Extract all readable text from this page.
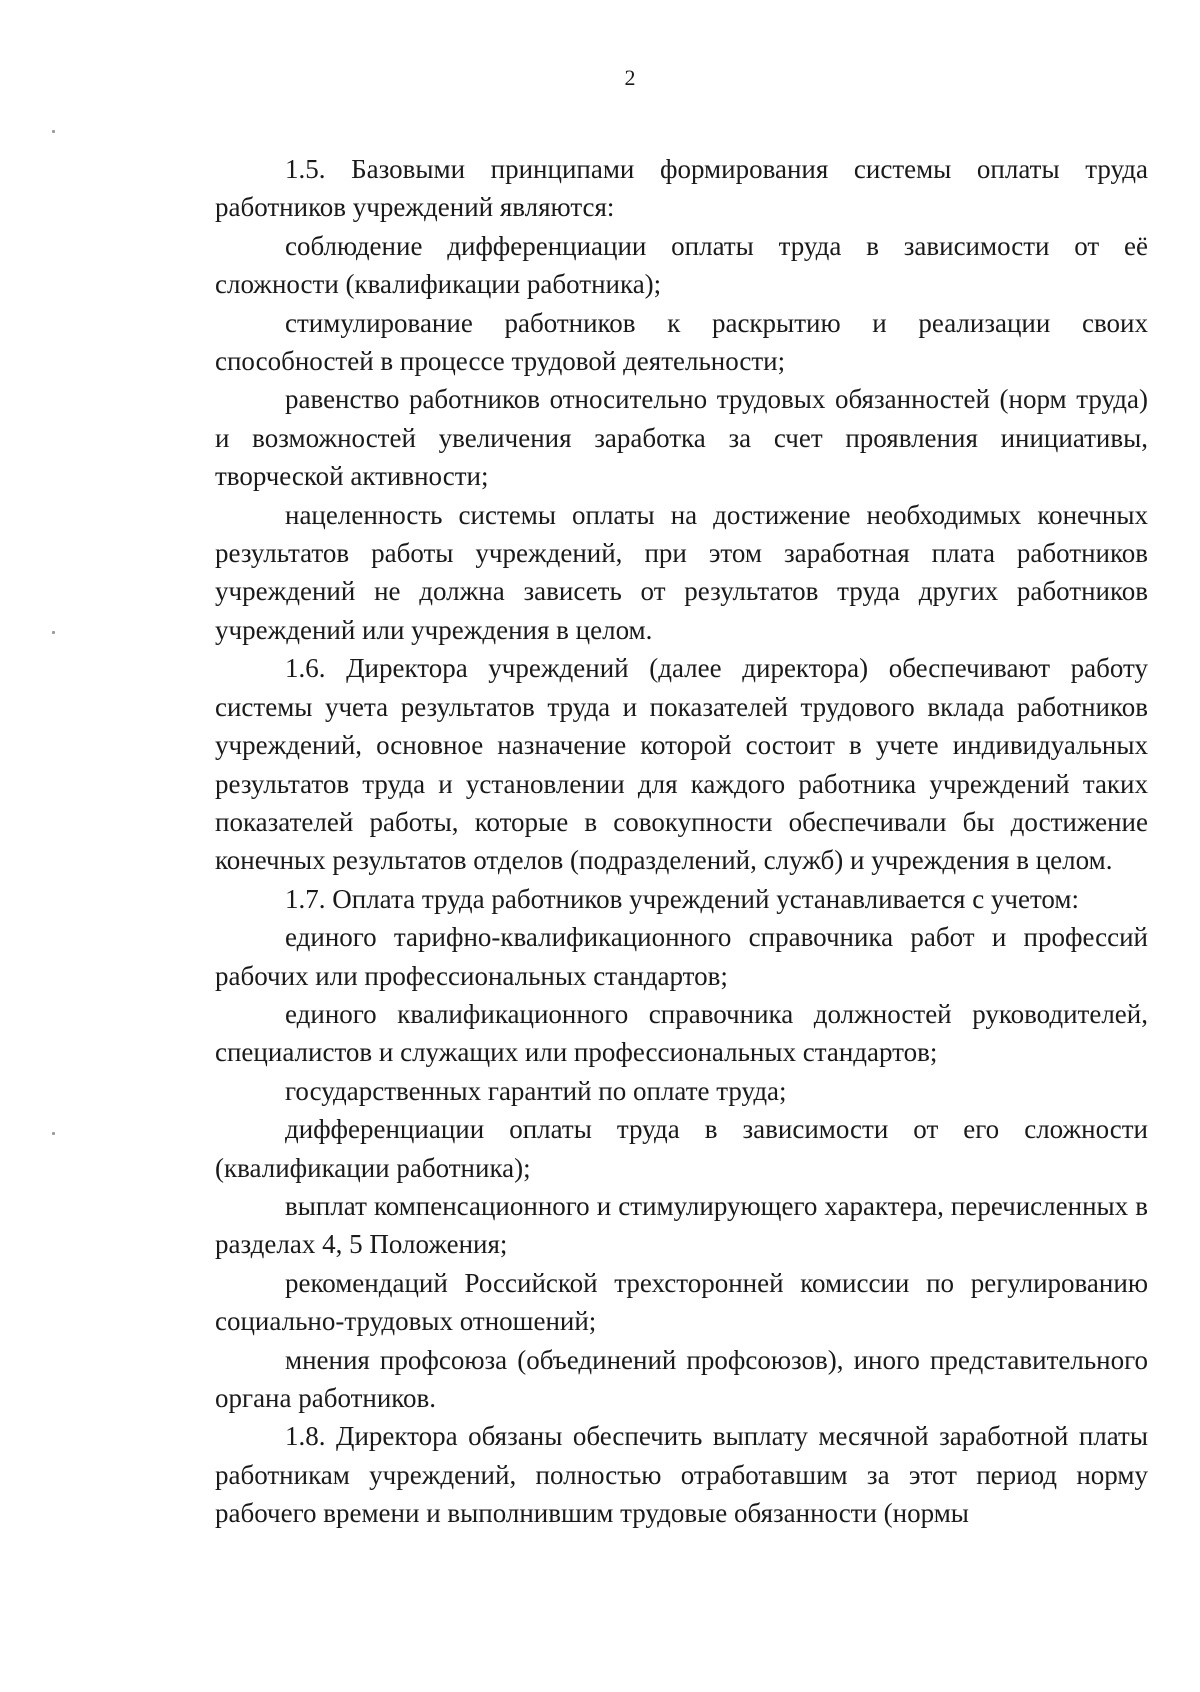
2

1.5. Базовыми принципами формирования системы оплаты труда работников учреждений являются:

соблюдение дифференциации оплаты труда в зависимости от её сложности (квалификации работника);

стимулирование работников к раскрытию и реализации своих способностей в процессе трудовой деятельности;

равенство работников относительно трудовых обязанностей (норм труда) и возможностей увеличения заработка за счет проявления инициативы, творческой активности;

нацеленность системы оплаты на достижение необходимых конечных результатов работы учреждений, при этом заработная плата работников учреждений не должна зависеть от результатов труда других работников учреждений или учреждения в целом.

1.6. Директора учреждений (далее директора) обеспечивают работу системы учета результатов труда и показателей трудового вклада работников учреждений, основное назначение которой состоит в учете индивидуальных результатов труда и установлении для каждого работника учреждений таких показателей работы, которые в совокупности обеспечивали бы достижение конечных результатов отделов (подразделений, служб) и учреждения в целом.

1.7. Оплата труда работников учреждений устанавливается с учетом:

единого тарифно-квалификационного справочника работ и профессий рабочих или профессиональных стандартов;

единого квалификационного справочника должностей руководителей, специалистов и служащих или профессиональных стандартов;

государственных гарантий по оплате труда;

дифференциации оплаты труда в зависимости от его сложности (квалификации работника);

выплат компенсационного и стимулирующего характера, перечисленных в разделах 4, 5 Положения;

рекомендаций Российской трехсторонней комиссии по регулированию социально-трудовых отношений;

мнения профсоюза (объединений профсоюзов), иного представительного органа работников.

1.8. Директора обязаны обеспечить выплату месячной заработной платы работникам учреждений, полностью отработавшим за этот период норму рабочего времени и выполнившим трудовые обязанности (нормы
